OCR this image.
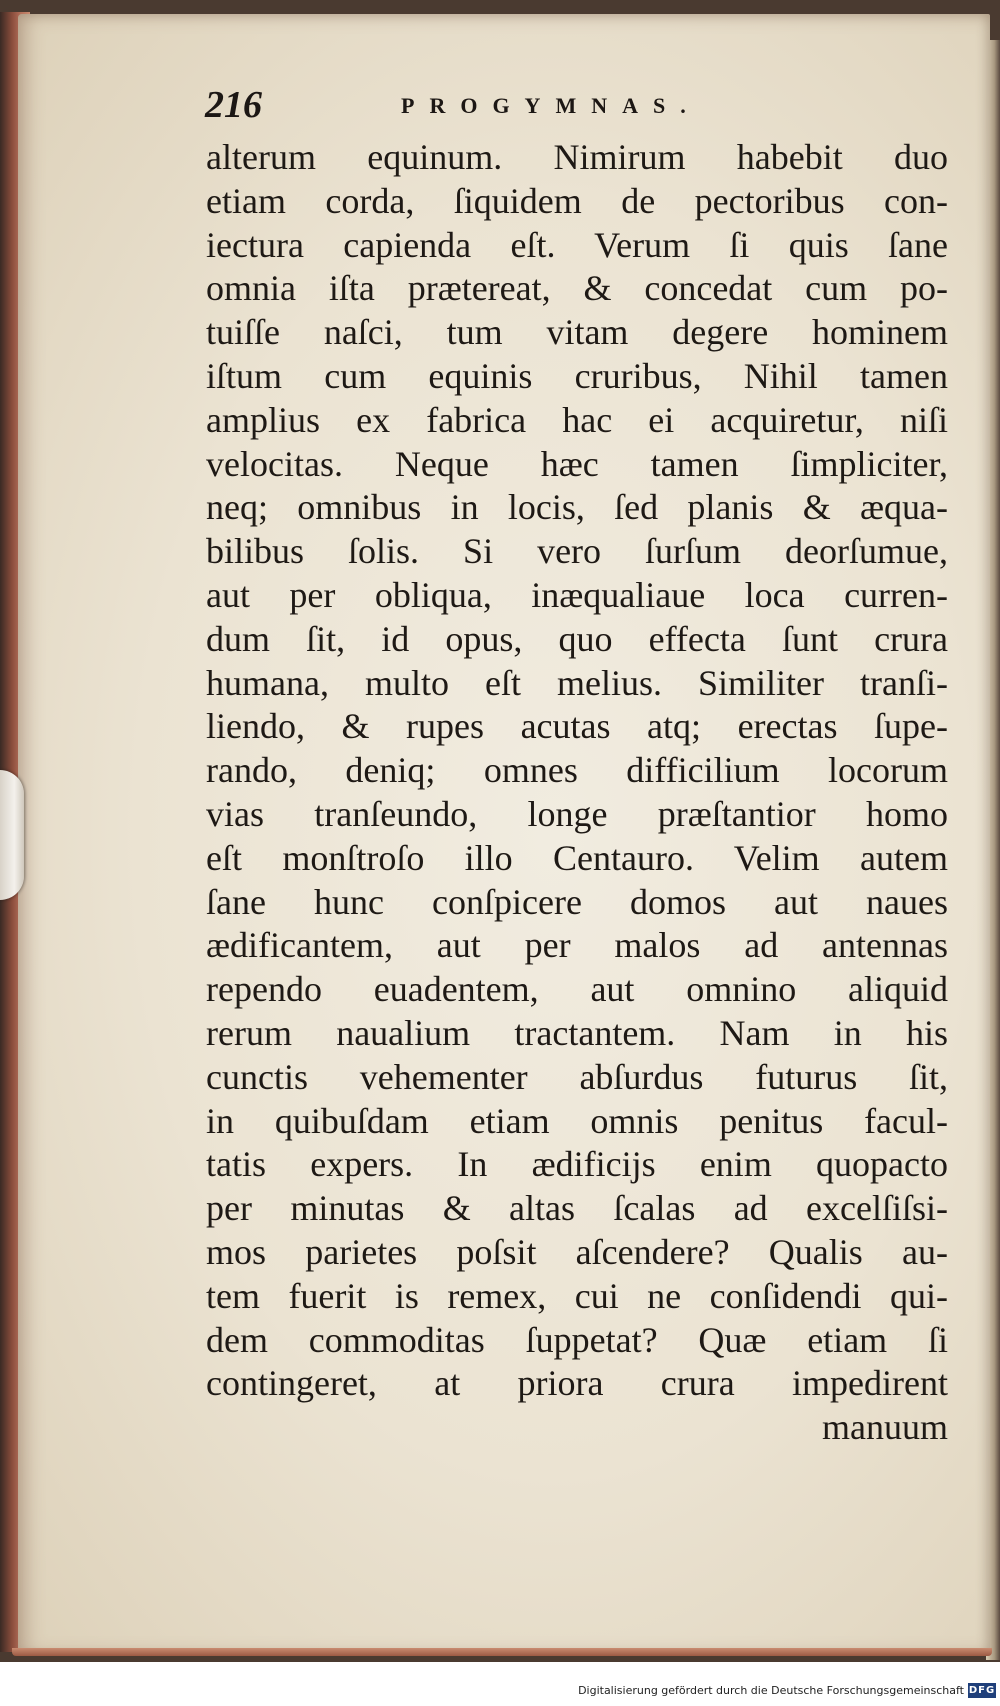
216	PROGYMNAS.
alterum equinum. Nimirum habebit duo
etiam corda, ſiquidem de pectoribus con-
iectura capienda eſt. Verum ſi quis ſane
omnia iſta prætereat, & concedat cum po-
tuiſſe naſci, tum vitam degere hominem
iſtum cum equinis cruribus, Nihil tamen
amplius ex fabrica hac ei acquiretur, niſi
velocitas. Neque hæc tamen ſimpliciter,
neq; omnibus in locis, ſed planis & æqua-
bilibus ſolis. Si vero ſurſum deorſumue,
aut per obliqua, inæqualiaue loca curren-
dum ſit, id opus, quo effecta ſunt crura
humana, multo eſt melius. Similiter tranſi-
liendo, & rupes acutas atq; erectas ſupe-
rando, deniq; omnes difficilium locorum
vias tranſeundo, longe præſtantior homo
eſt monſtroſo illo Centauro. Velim autem
ſane hunc conſpicere domos aut naues
ædificantem, aut per malos ad antennas
rependo euadentem, aut omnino aliquid
rerum naualium tractantem. Nam in his
cunctis vehementer abſurdus futurus ſit,
in quibuſdam etiam omnis penitus facul-
tatis expers. In ædificijs enim quopacto
per minutas & altas ſcalas ad excelſiſsi-
mos parietes poſsit aſcendere? Qualis au-
tem fuerit is remex, cui ne conſidendi qui-
dem commoditas ſuppetat? Quæ etiam ſi
contingeret, at priora crura impedirent
manuum
Digitalisierung gefördert durch die Deutsche Forschungsgemeinschaft DFG
